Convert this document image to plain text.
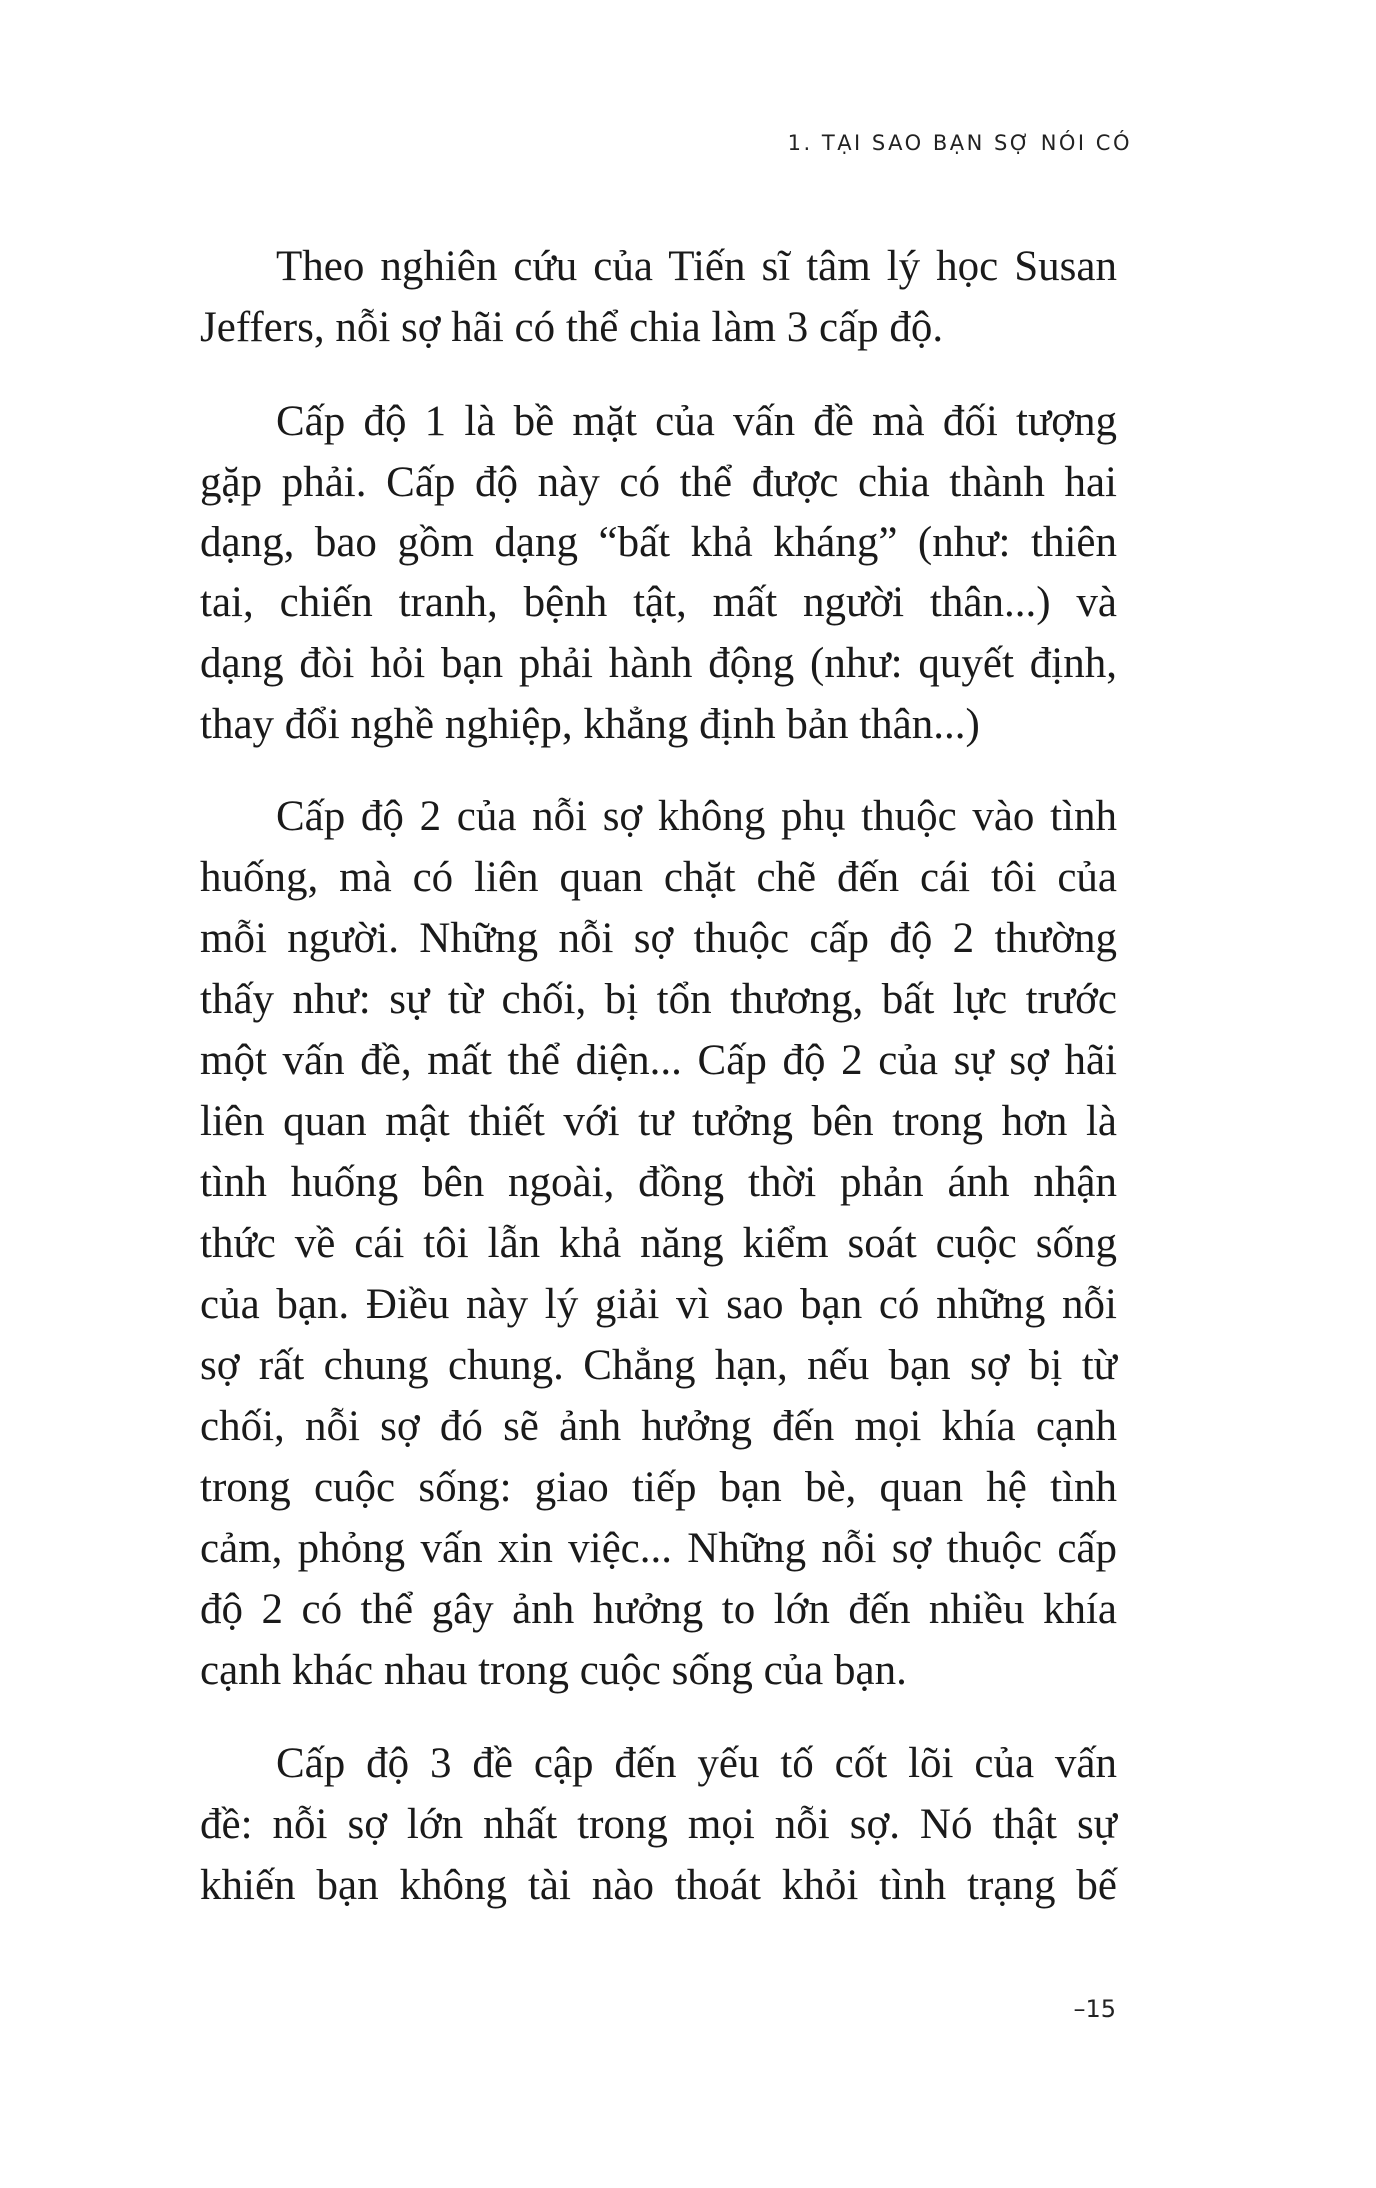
1. TẠI SAO BẠN SỢ NÓI CÓ
Theo nghiên cứu của Tiến sĩ tâm lý học Susan
Jeffers, nỗi sợ hãi có thể chia làm 3 cấp độ.
Cấp độ 1 là bề mặt của vấn đề mà đối tượng
gặp phải. Cấp độ này có thể được chia thành hai
dạng, bao gồm dạng “bất khả kháng” (như: thiên
tai, chiến tranh, bệnh tật, mất người thân...) và
dạng đòi hỏi bạn phải hành động (như: quyết định,
thay đổi nghề nghiệp, khẳng định bản thân...)
Cấp độ 2 của nỗi sợ không phụ thuộc vào tình
huống, mà có liên quan chặt chẽ đến cái tôi của
mỗi người. Những nỗi sợ thuộc cấp độ 2 thường
thấy như: sự từ chối, bị tổn thương, bất lực trước
một vấn đề, mất thể diện... Cấp độ 2 của sự sợ hãi
liên quan mật thiết với tư tưởng bên trong hơn là
tình huống bên ngoài, đồng thời phản ánh nhận
thức về cái tôi lẫn khả năng kiểm soát cuộc sống
của bạn. Điều này lý giải vì sao bạn có những nỗi
sợ rất chung chung. Chẳng hạn, nếu bạn sợ bị từ
chối, nỗi sợ đó sẽ ảnh hưởng đến mọi khía cạnh
trong cuộc sống: giao tiếp bạn bè, quan hệ tình
cảm, phỏng vấn xin việc... Những nỗi sợ thuộc cấp
độ 2 có thể gây ảnh hưởng to lớn đến nhiều khía
cạnh khác nhau trong cuộc sống của bạn.
Cấp độ 3 đề cập đến yếu tố cốt lõi của vấn
đề: nỗi sợ lớn nhất trong mọi nỗi sợ. Nó thật sự
khiến bạn không tài nào thoát khỏi tình trạng bế
–15
